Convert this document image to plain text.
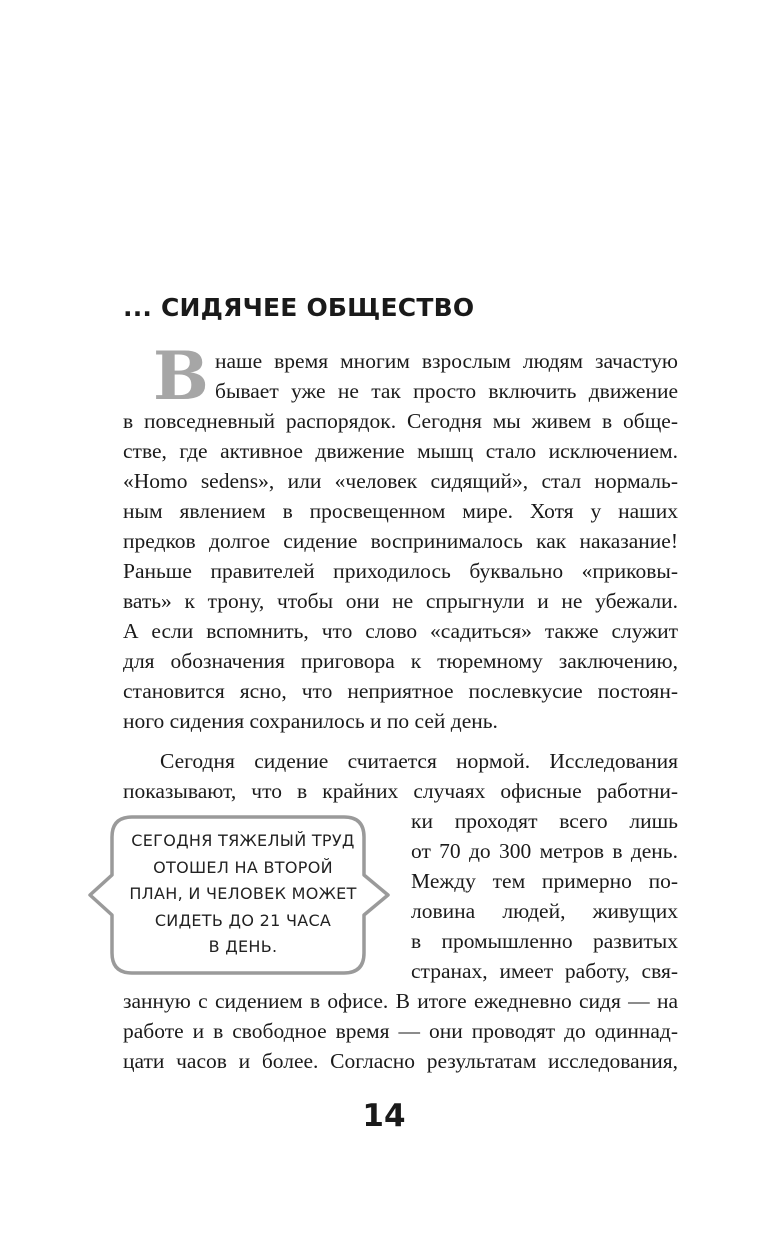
... СИДЯЧЕЕ ОБЩЕСТВО
В наше время многим взрослым людям зачастую
бывает уже не так просто включить движение
в повседневный распорядок. Сегодня мы живем в обще-
стве, где активное движение мышц стало исключением.
«Homo sedens», или «человек сидящий», стал нормаль-
ным явлением в просвещенном мире. Хотя у наших
предков долгое сидение воспринималось как наказание!
Раньше правителей приходилось буквально «приковы-
вать» к трону, чтобы они не спрыгнули и не убежали.
А если вспомнить, что слово «садиться» также служит
для обозначения приговора к тюремному заключению,
становится ясно, что неприятное послевкусие постоян-
ного сидения сохранилось и по сей день.
Сегодня сидение считается нормой. Исследования
показывают, что в крайних случаях офисные работни-
ки проходят всего лишь
от 70 до 300 метров в день.
Между тем примерно по-
ловина людей, живущих
в промышленно развитых
странах, имеет работу, свя-
занную с сидением в офисе. В итоге ежедневно сидя — на
работе и в свободное время — они проводят до одиннад-
цати часов и более. Согласно результатам исследования,
СЕГОДНЯ ТЯЖЕЛЫЙ ТРУД
ОТОШЕЛ НА ВТОРОЙ
ПЛАН, И ЧЕЛОВЕК МОЖЕТ
СИДЕТЬ ДО 21 ЧАСА
В ДЕНЬ.
14
